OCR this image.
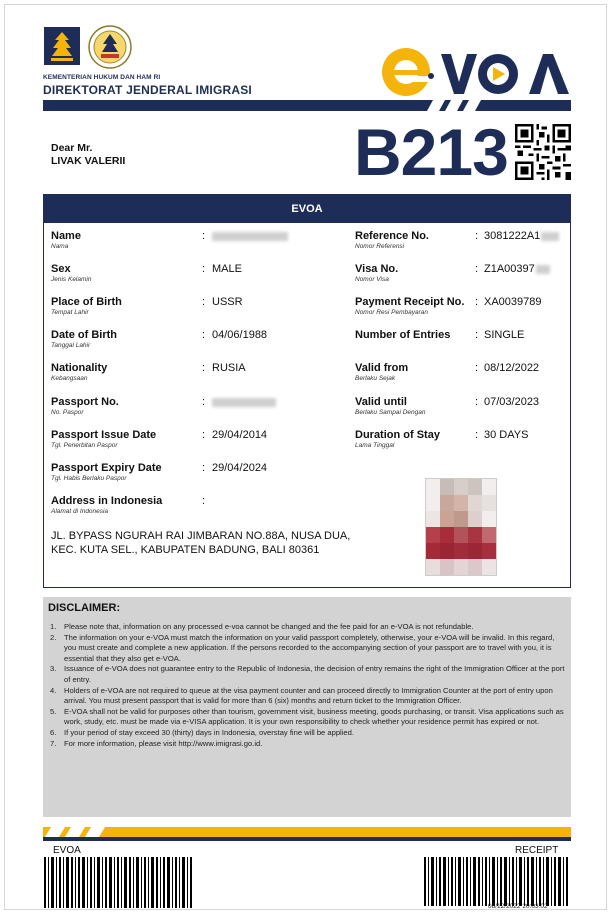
KEMENTERIAN HUKUM DAN HAM RI
DIREKTORAT JENDERAL IMIGRASI
Dear Mr.
LIVAK VALERII	B213
EVOA
Name
Nama
:
Sex
Jenis Kelamin
: MALE
Place of Birth
Tempat Lahir
: USSR
Date of Birth
Tanggal Lahir
: 04/06/1988
Nationality
Kebangsaan
: RUSIA
Passport No.
No. Paspor
:
Passport Issue Date
Tgl. Penerbitan Paspor
: 29/04/2014
Passport Expiry Date
Tgl. Habis Berlaku Paspor
: 29/04/2024
Address in Indonesia
Alamat di Indonesia
:
JL. BYPASS NGURAH RAI JIMBARAN NO.88A, NUSA DUA, KEC. KUTA SEL., KABUPATEN BADUNG, BALI 80361
Reference No.
Nomor Referensi
: 3081222A1
Visa No.
Nomor Visa
: Z1A00397
Payment Receipt No.
Nomor Resi Pembayaran
: XA0039789
Number of Entries : SINGLE
Valid from
Berlaku Sejak
: 08/12/2022
Valid until
Berlaku Sampai Dengan
: 07/03/2023
Duration of Stay
Lama Tinggal
: 30 DAYS
DISCLAIMER:
1. Please note that, information on any processed e-voa cannot be changed and the fee paid for an e-VOA is not refundable.
2. The information on your e-VOA must match the information on your valid passport completely, otherwise, your e-VOA will be invalid. In this regard, you must create and complete a new application. If the persons recorded to the accompanying section of your passport are to travel with you, it is essential that they also get e-VOA.
3. Issuance of e-VOA does not guarantee entry to the Republic of Indonesia, the decision of entry remains the right of the Immigration Officer at the port of entry.
4. Holders of e-VOA are not required to queue at the visa payment counter and can proceed directly to Immigration Counter at the port of entry upon arrival. You must present passport that is valid for more than 6 (six) months and return ticket to the Immigration Officer.
5. E-VOA shall not be valid for purposes other than tourism, government visit, business meeting, goods purchasing, or transit. Visa applications such as work, study, etc. must be made via e-VISA application. It is your own responsibility to check whether your residence permit has expired or not.
6. If your period of stay exceed 30 (thirty) days in Indonesia, overstay fine will be applied.
7. For more information, please visit http://www.imigrasi.go.id.
EVOA	RECEIPT
08/12/2022 20:03:02
